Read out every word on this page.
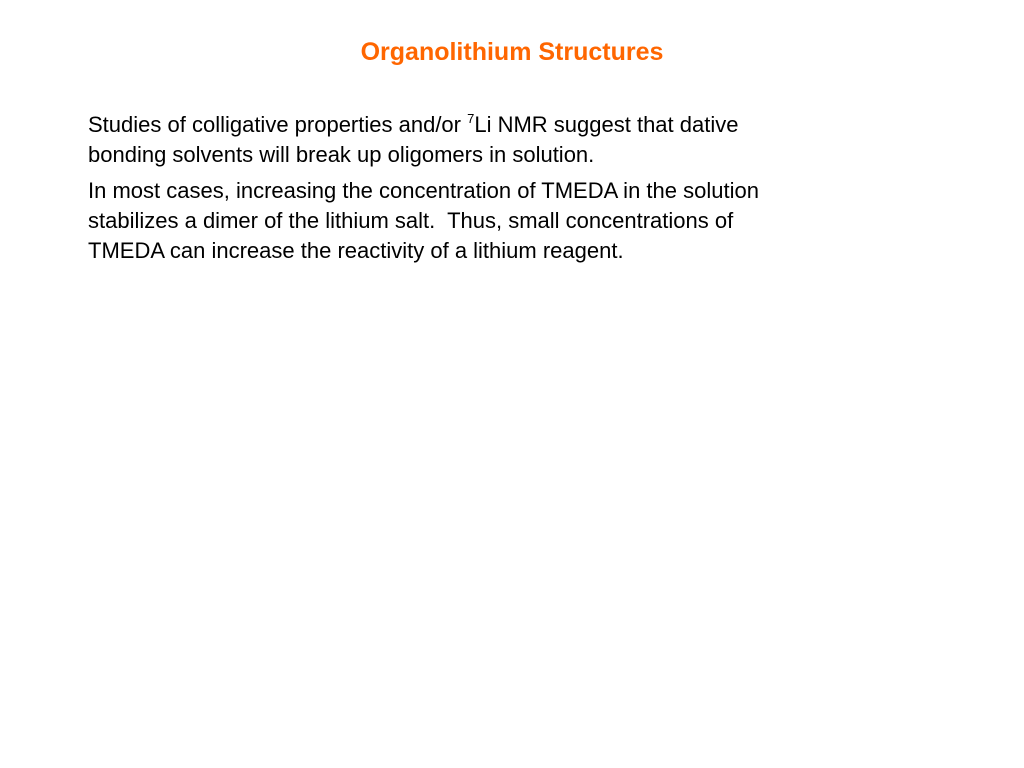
Organolithium Structures

Studies of colligative properties and/or $^7$Li NMR suggest that dative
bonding solvents will break up oligomers in solution.

In most cases, increasing the concentration of TMEDA in the solution
stabilizes a dimer of the lithium salt.  Thus, small concentrations of
TMEDA can increase the reactivity of a lithium reagent.
